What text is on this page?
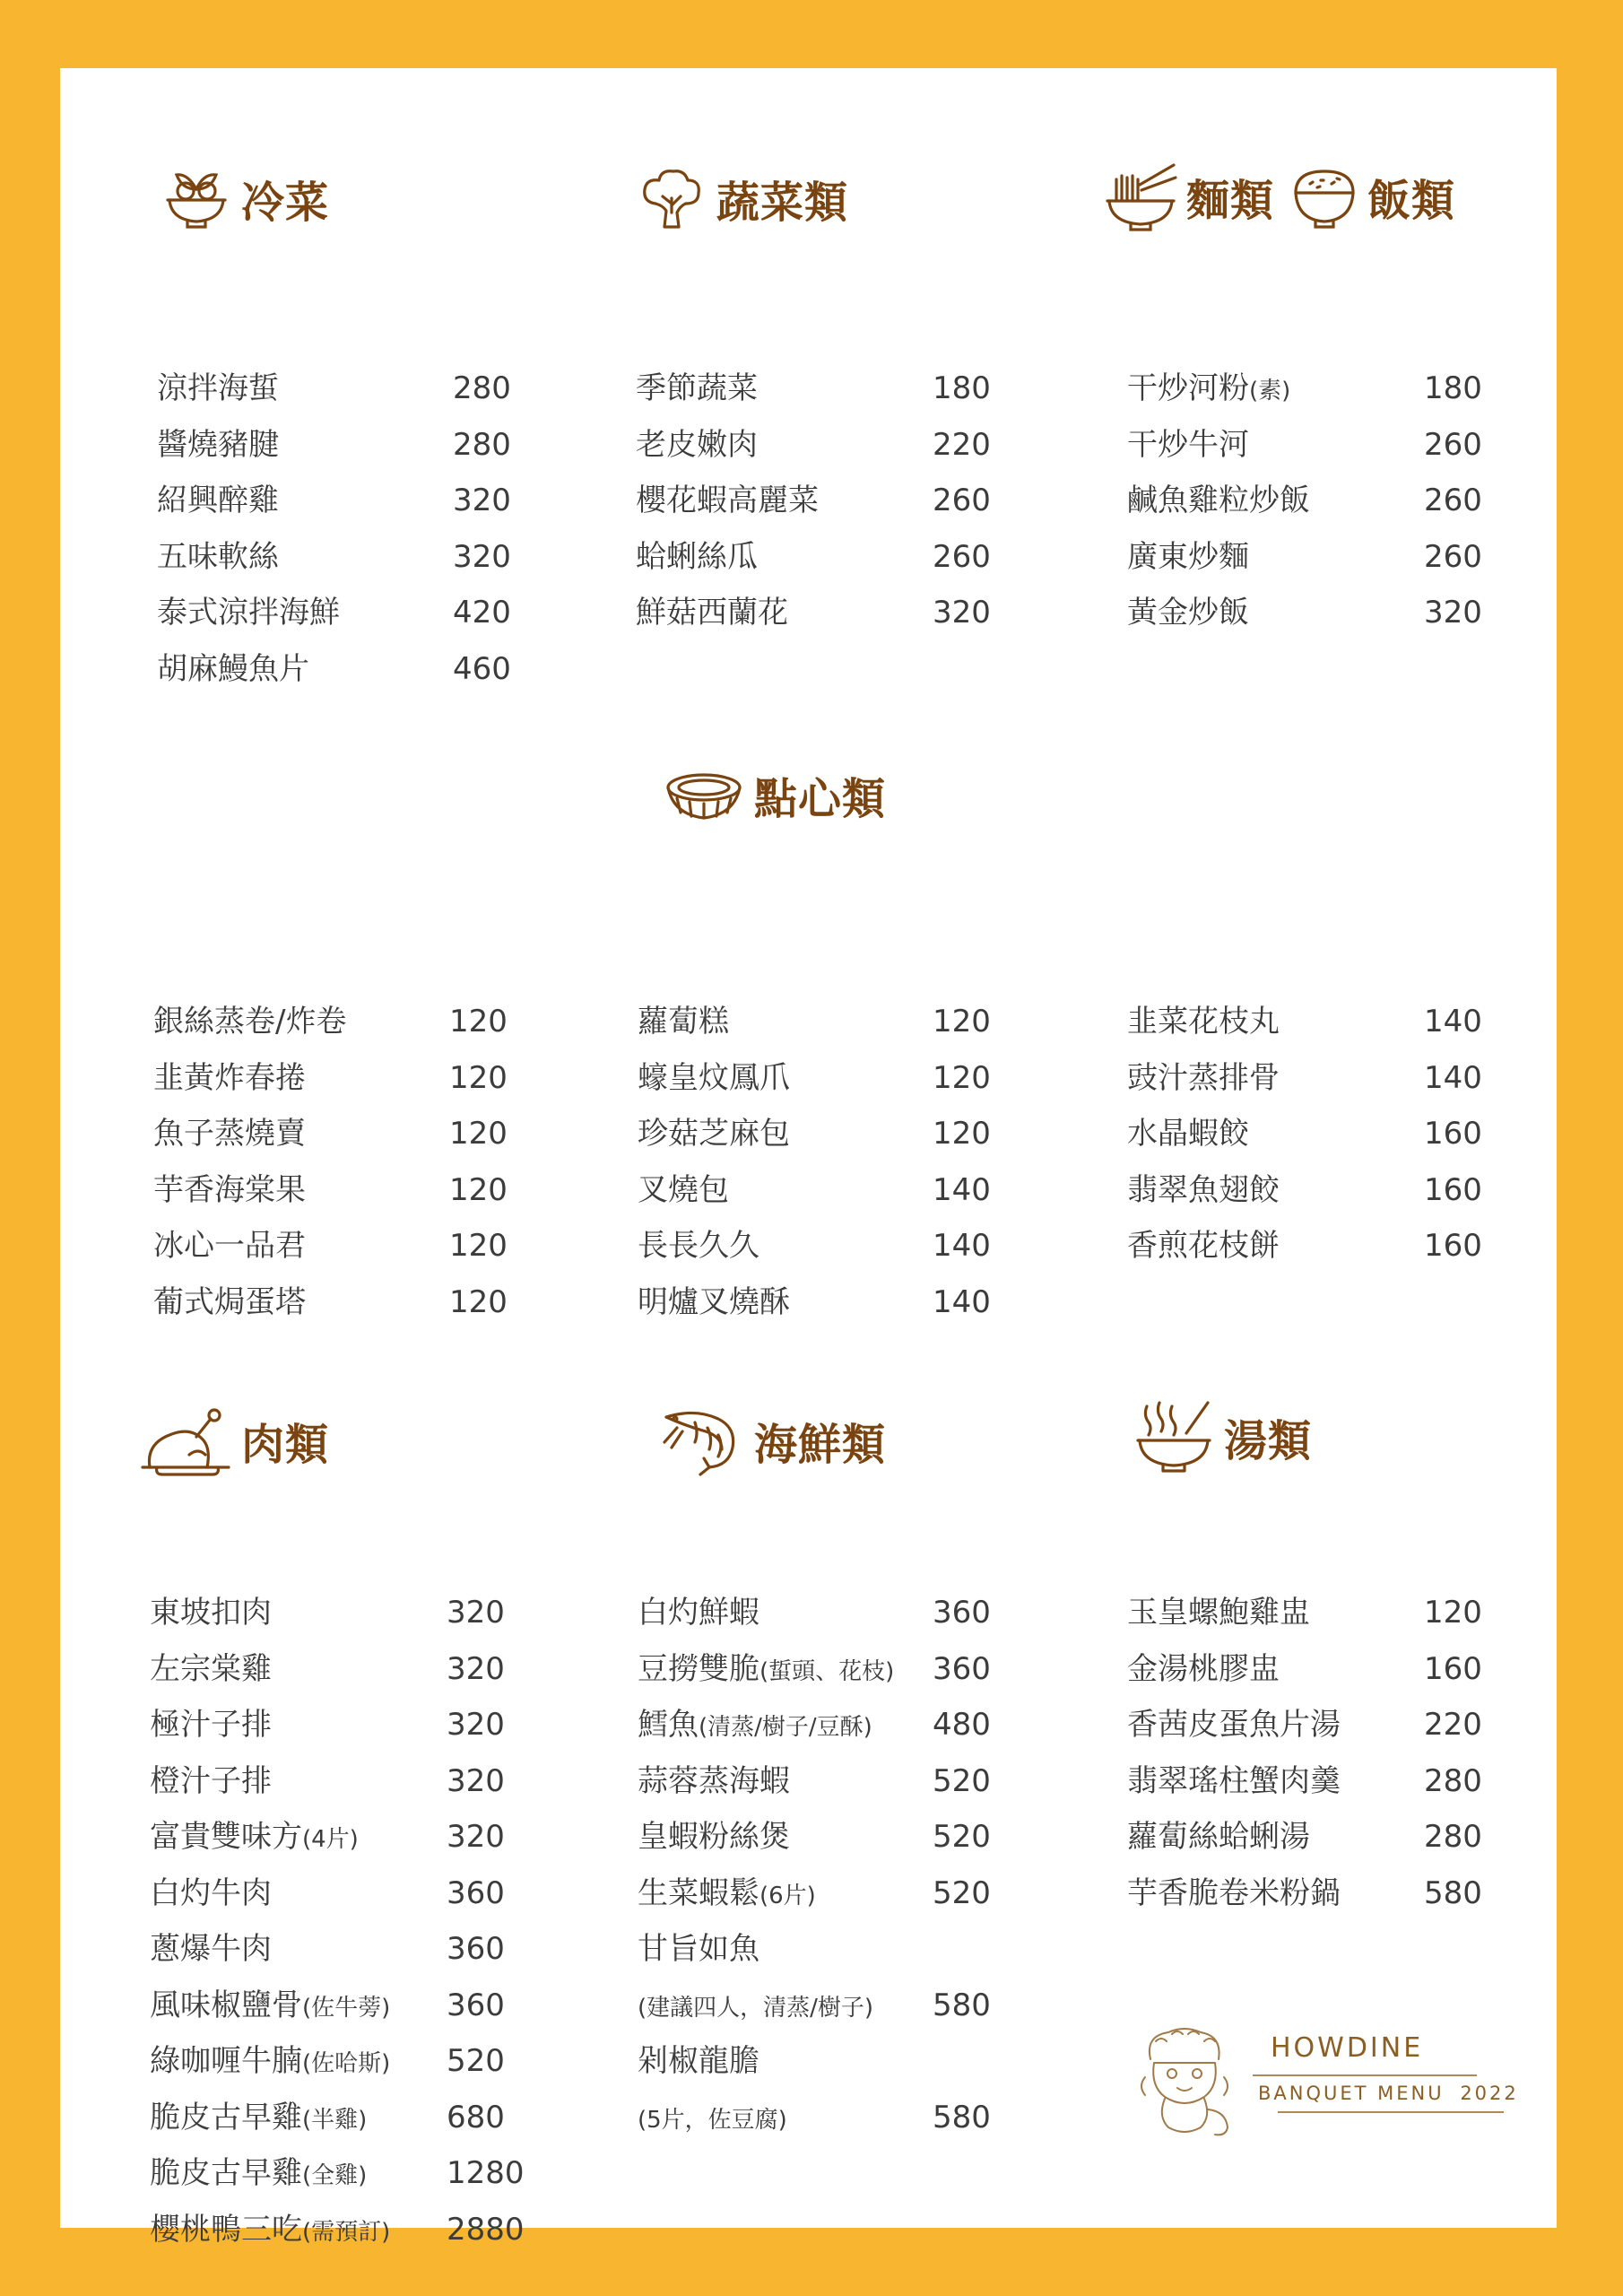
冷菜	蔬菜類	麵類 飯類
涼拌海蜇	280
醬燒豬腱	280
紹興醉雞	320
五味軟絲	320
泰式涼拌海鮮	420
胡麻鰻魚片	460
季節蔬菜	180
老皮嫩肉	220
櫻花蝦高麗菜	260
蛤蜊絲瓜	260
鮮菇西蘭花	320
干炒河粉(素)	180
干炒牛河	260
鹹魚雞粒炒飯	260
廣東炒麵	260
黃金炒飯	320
點心類
銀絲蒸卷/炸卷	120
韭黃炸春捲	120
魚子蒸燒賣	120
芋香海棠果	120
冰心一品君	120
葡式焗蛋塔	120
蘿蔔糕	120
蠔皇炆鳳爪	120
珍菇芝麻包	120
叉燒包	140
長長久久	140
明爐叉燒酥	140
韭菜花枝丸	140
豉汁蒸排骨	140
水晶蝦餃	160
翡翠魚翅餃	160
香煎花枝餅	160
肉類	海鮮類	湯類
東坡扣肉	320
左宗棠雞	320
極汁子排	320
橙汁子排	320
富貴雙味方(4片)	320
白灼牛肉	360
蔥爆牛肉	360
風味椒鹽骨(佐牛蒡) 360
綠咖喱牛腩(佐哈斯) 520
脆皮古早雞(半雞)	680
脆皮古早雞(全雞)	1280
櫻桃鴨三吃(需預訂) 2880
白灼鮮蝦	360
豆撈雙脆(蜇頭、花枝) 360
鱈魚(清蒸/樹子/豆酥) 480
蒜蓉蒸海蝦	520
皇蝦粉絲煲	520
生菜蝦鬆(6片)	520
甘旨如魚
(建議四人，清蒸/樹子) 580
剁椒龍膽
(5片，佐豆腐)	580
玉皇螺鮑雞盅	120
金湯桃膠盅	160
香茜皮蛋魚片湯	220
翡翠瑤柱蟹肉羹	280
蘿蔔絲蛤蜊湯	280
芋香脆卷米粉鍋	580
HOWDINE
BANQUET MENU 2022
